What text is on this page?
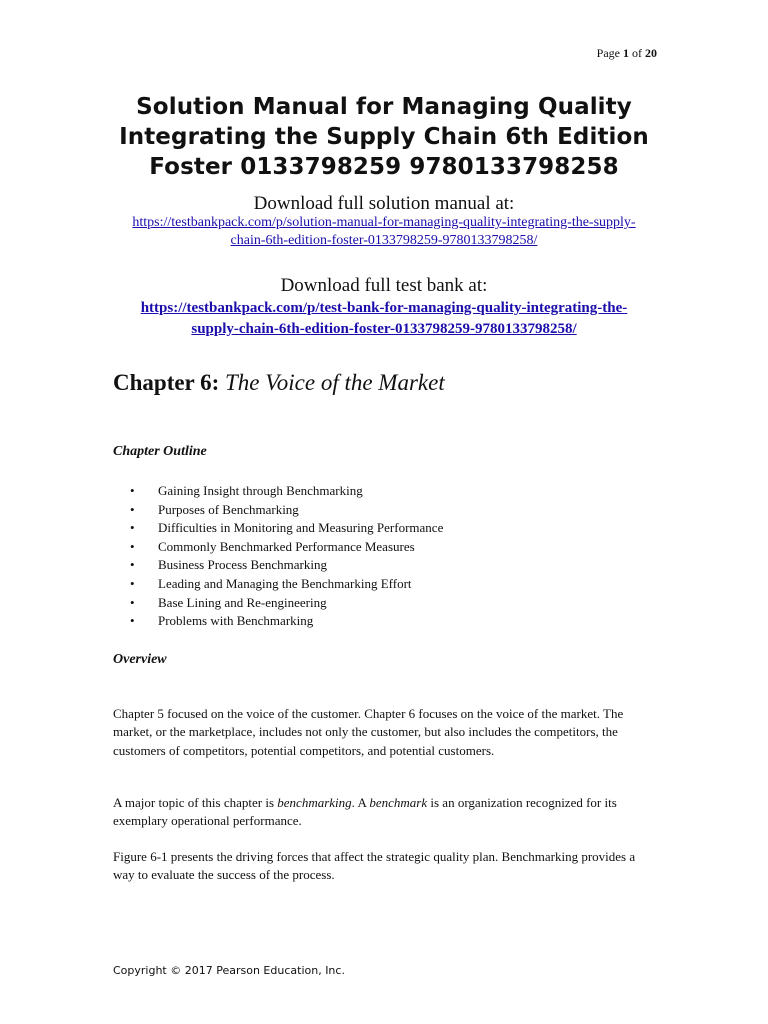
Page 1 of 20
Solution Manual for Managing Quality
Integrating the Supply Chain 6th Edition
Foster 0133798259 9780133798258
Download full solution manual at:
https://testbankpack.com/p/solution-manual-for-managing-quality-integrating-the-supply-
chain-6th-edition-foster-0133798259-9780133798258/
Download full test bank at:
https://testbankpack.com/p/test-bank-for-managing-quality-integrating-the-
supply-chain-6th-edition-foster-0133798259-9780133798258/
Chapter 6: The Voice of the Market
Chapter Outline
• Gaining Insight through Benchmarking
• Purposes of Benchmarking
• Difficulties in Monitoring and Measuring Performance
• Commonly Benchmarked Performance Measures
• Business Process Benchmarking
• Leading and Managing the Benchmarking Effort
• Base Lining and Re-engineering
• Problems with Benchmarking
Overview

Chapter 5 focused on the voice of the customer. Chapter 6 focuses on the voice of the market. The market, or the marketplace, includes not only the customer, but also includes the competitors, the customers of competitors, potential competitors, and potential customers.

A major topic of this chapter is benchmarking. A benchmark is an organization recognized for its exemplary operational performance.

Figure 6-1 presents the driving forces that affect the strategic quality plan. Benchmarking provides a way to evaluate the success of the process.

Copyright © 2017 Pearson Education, Inc.
